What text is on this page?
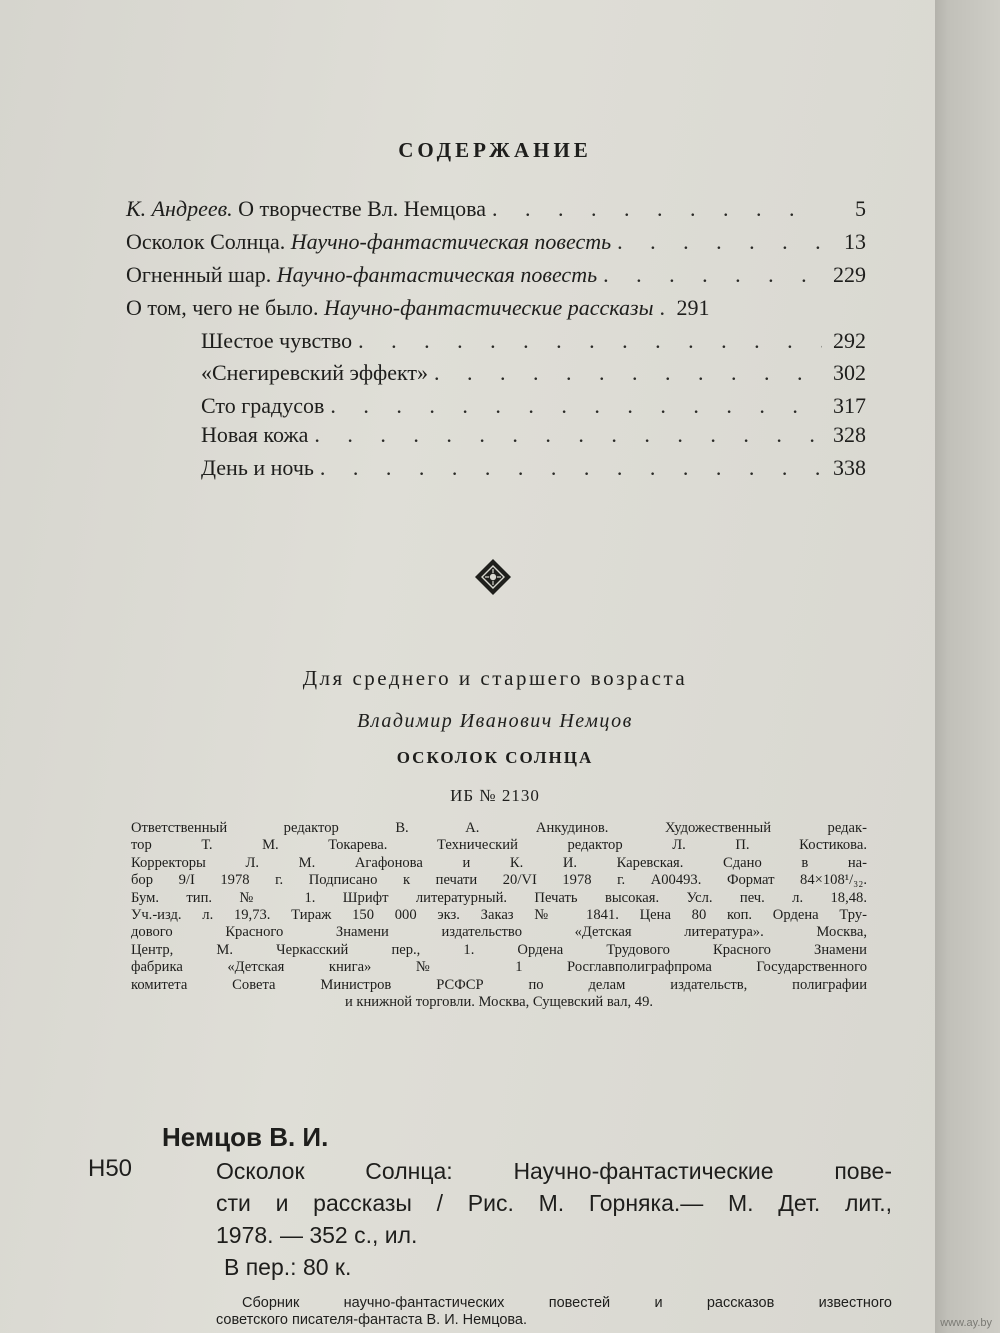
СОДЕРЖАНИЕ
К. Андреев. О творчестве Вл. Немцова . . .	5
Осколок Солнца. Научно-фантастическая повесть . . .	13
Огненный шар. Научно-фантастическая повесть . . .	229
О том, чего не было. Научно-фантастические рассказы . . . 291
Шестое чувство . . .	292
«Снегиревский эффект» . . .	302
Сто градусов . . .	317
Новая кожа . . .	328
День и ночь . . .	338
Для среднего и старшего возраста
Владимир Иванович Немцов
ОСКОЛОК СОЛНЦА
ИБ № 2130
Ответственный редактор В. А. Анкудинов. Художественный редак-
тор Т. М. Токарева. Технический редактор Л. П. Костикова.
Корректоры Л. М. Агафонова и К. И. Каревская. Сдано в на-
бор 9/I 1978 г. Подписано к печати 20/VI 1978 г. А00493. Формат 84×108¹/₃₂.
Бум. тип. № 1. Шрифт литературный. Печать высокая. Усл. печ. л. 18,48.
Уч.-изд. л. 19,73. Тираж 150 000 экз. Заказ № 1841. Цена 80 коп. Ордена Тру-
дового Красного Знамени издательство «Детская литература». Москва,
Центр, М. Черкасский пер., 1. Ордена Трудового Красного Знамени
фабрика «Детская книга» № 1 Росглавполиграфпрома Государственного
комитета Совета Министров РСФСР по делам издательств, полиграфии
и книжной торговли. Москва, Сущевский вал, 49.
Немцов В. И.
Н50	Осколок Солнца: Научно-фантастические пове-
сти и рассказы / Рис. М. Горняка.— М. Дет. лит.,
1978. — 352 с., ил.
В пер.: 80 к.
Сборник научно-фантастических повестей и рассказов известного
советского писателя-фантаста В. И. Немцова.	www.ay.by
